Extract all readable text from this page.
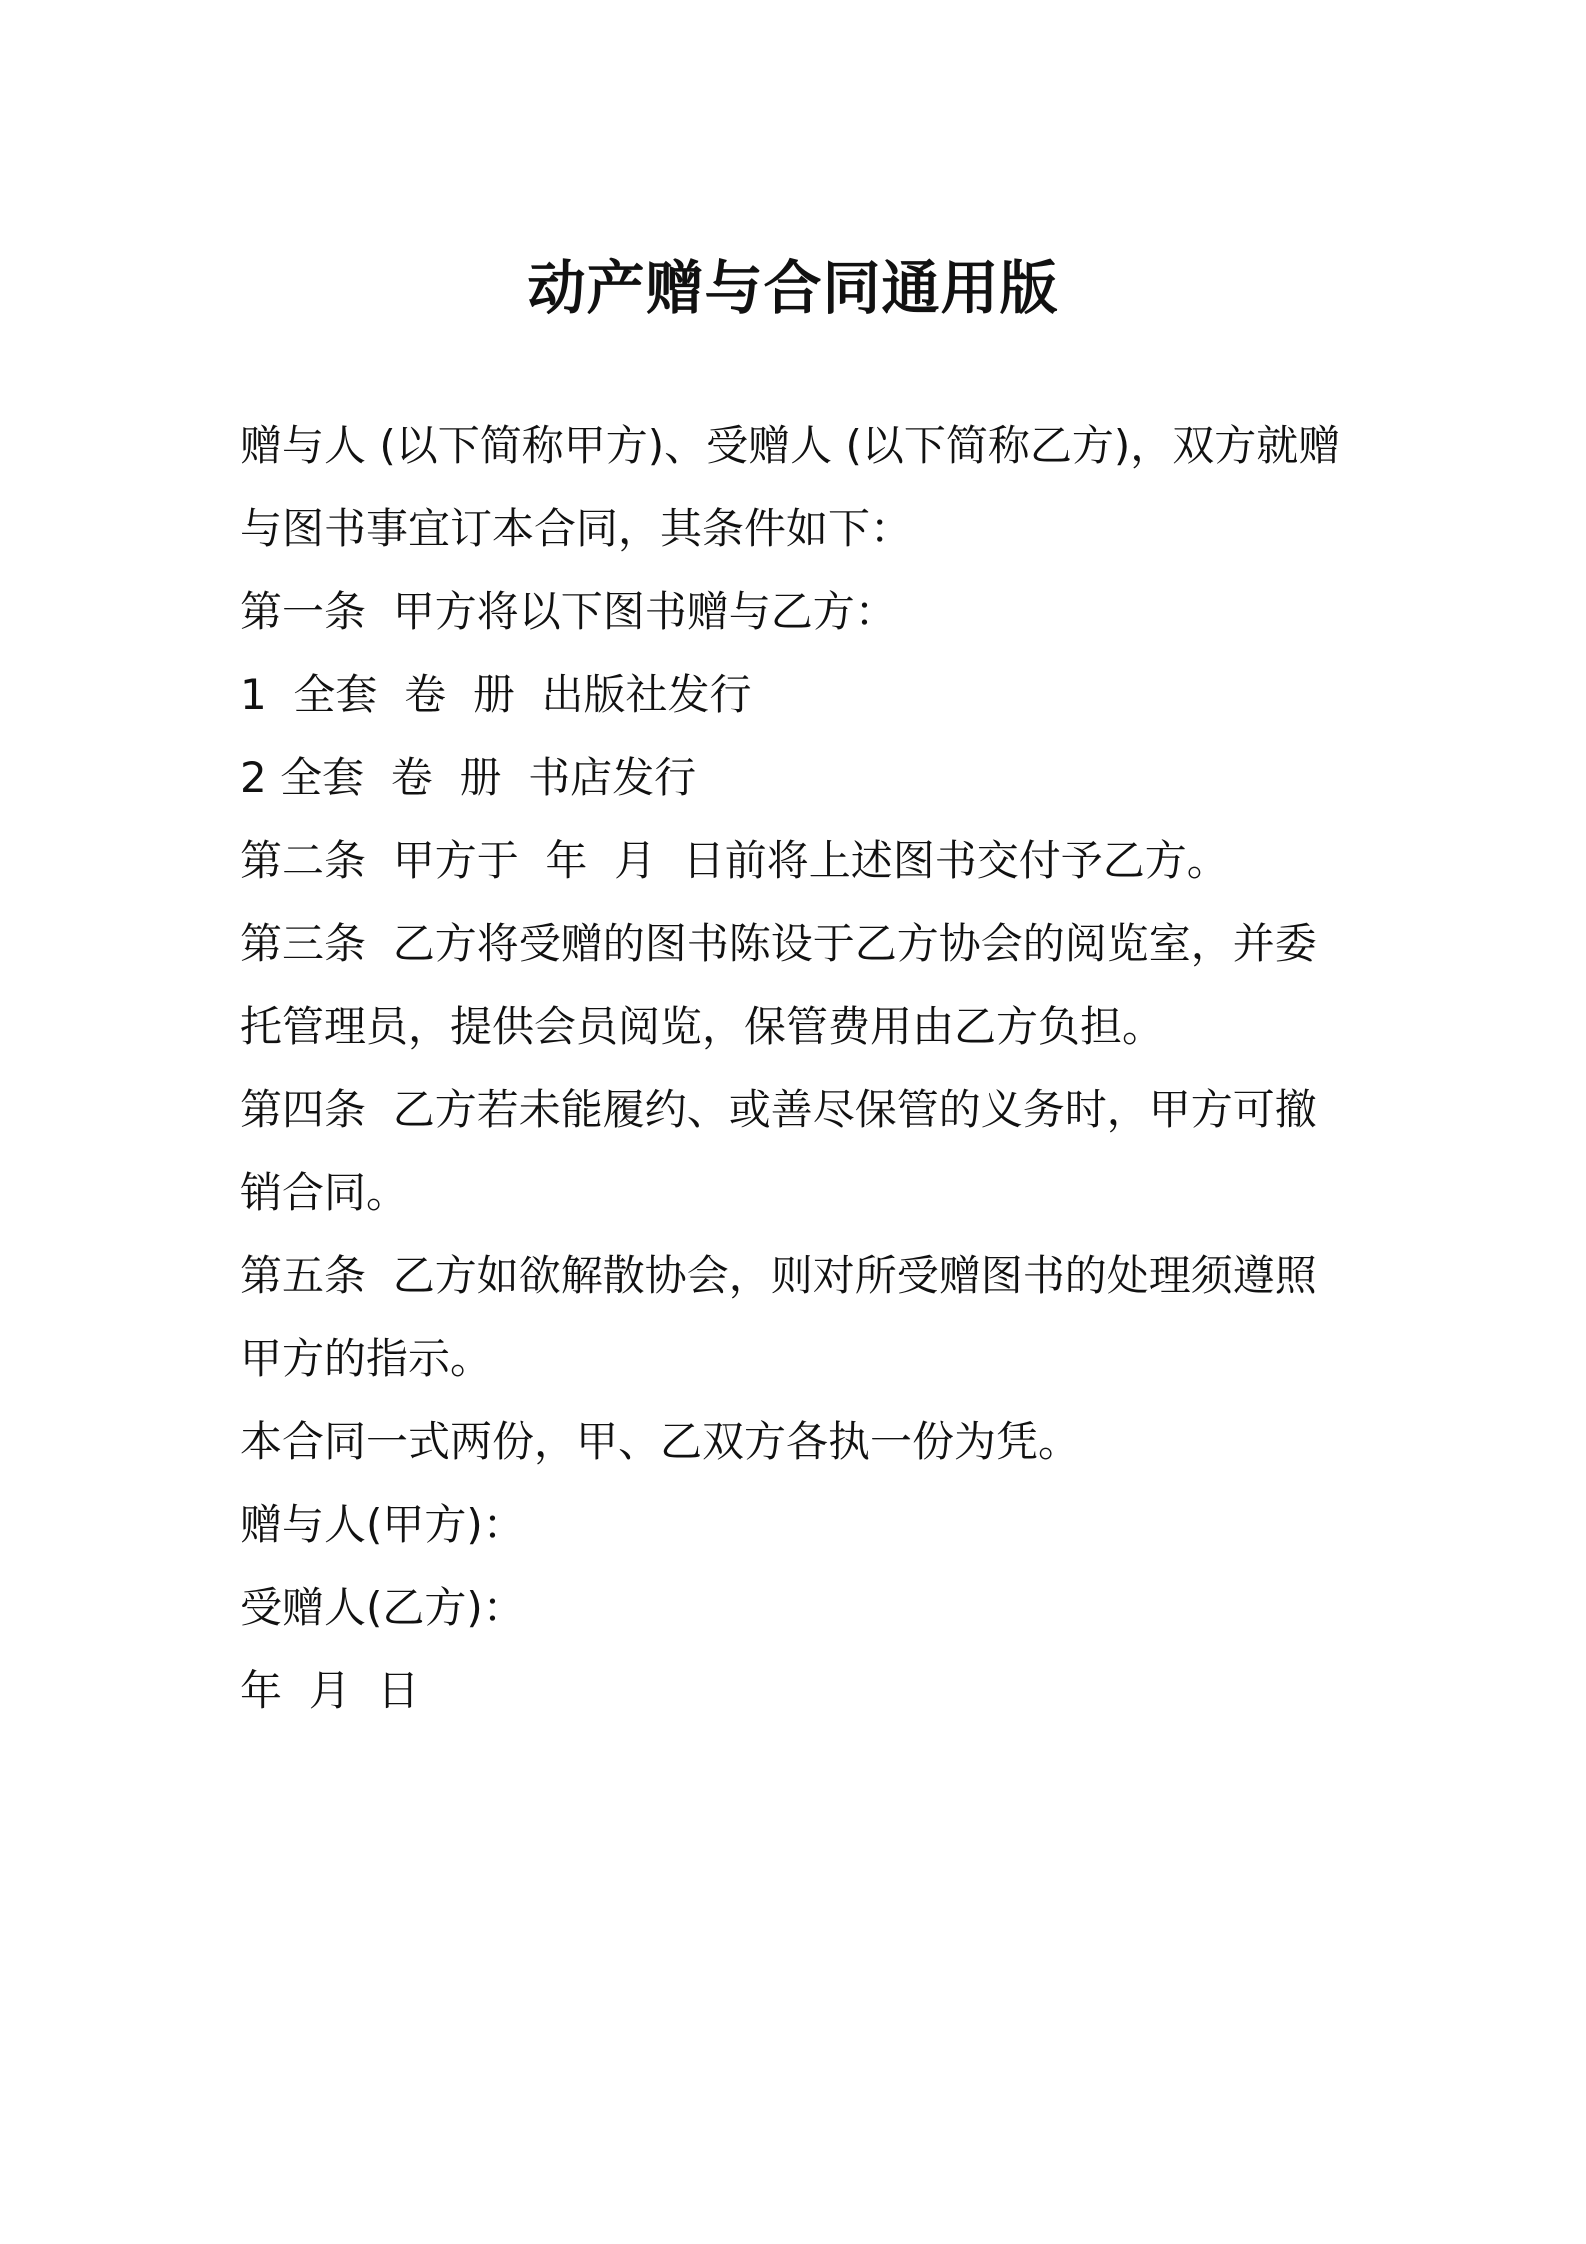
动产赠与合同通用版
赠与人 (以下简称甲方)、受赠人 (以下简称乙方)，双方就赠
与图书事宜订本合同，其条件如下：
第一条  甲方将以下图书赠与乙方：
1  全套  卷  册  出版社发行
2 全套  卷  册  书店发行
第二条  甲方于  年  月  日前将上述图书交付予乙方。
第三条  乙方将受赠的图书陈设于乙方协会的阅览室，并委
托管理员，提供会员阅览，保管费用由乙方负担。
第四条  乙方若未能履约、或善尽保管的义务时，甲方可撤
销合同。
第五条  乙方如欲解散协会，则对所受赠图书的处理须遵照
甲方的指示。
本合同一式两份，甲、乙双方各执一份为凭。
赠与人(甲方)：
受赠人(乙方)：
年  月  日
